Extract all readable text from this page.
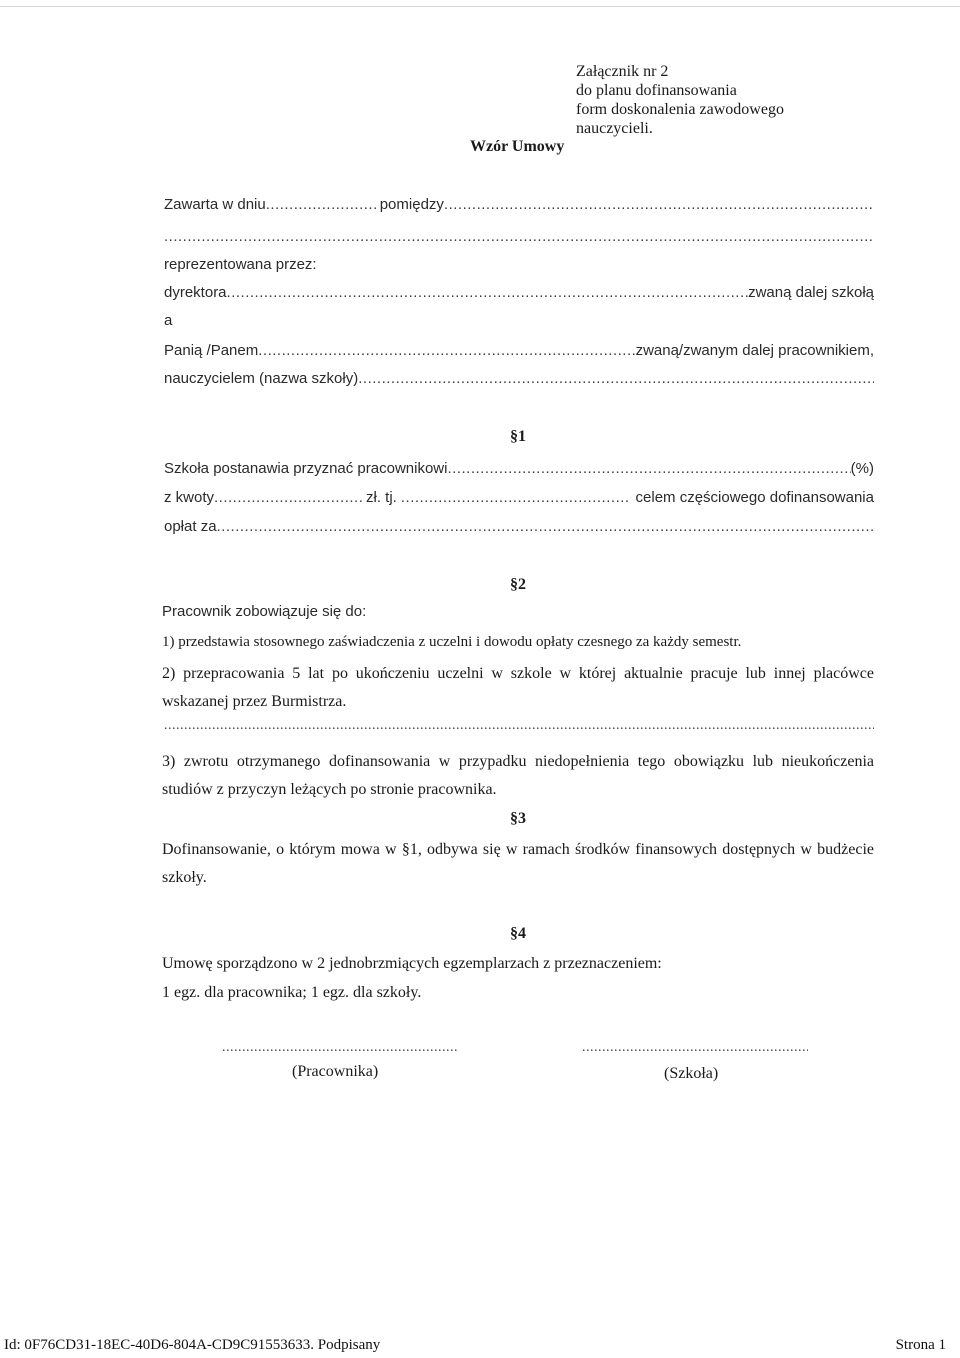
Załącznik nr 2
do planu dofinansowania
form doskonalenia zawodowego
nauczycieli.
Wzór Umowy
Zawarta w dniu .....	pomiędzy
.....
.....
reprezentowana przez:
dyrektora .....	zwaną dalej szkołą
a
Panią /Panem .....	zwaną/zwanym dalej pracownikiem,
nauczycielem (nazwa szkoły)
.....
§1
Szkoła postanawia przyznać pracownikowi .....	(%)
z kwoty .....	zł. tj. .....	celem częściowego dofinansowania
opłat za
.....
§2
Pracownik zobowiązuje się do:
1) przedstawia stosownego zaświadczenia z uczelni i dowodu opłaty czesnego za każdy semestr.
2) przepracowania 5 lat po ukończeniu uczelni w szkole w której aktualnie pracuje lub innej placówce wskazanej przez Burmistrza.
.....
3) zwrotu otrzymanego dofinansowania w przypadku niedopełnienia tego obowiązku lub nieukończenia studiów z przyczyn leżących po stronie pracownika.
§3
Dofinansowanie, o którym mowa w §1, odbywa się w ramach środków finansowych dostępnych w budżecie szkoły.
§4
Umowę sporządzono w 2 jednobrzmiących egzemplarzach z przeznaczeniem:
1 egz. dla pracownika; 1 egz. dla szkoły.
.....
.....
(Pracownika)	(Szkoła)
Id: 0F76CD31-18EC-40D6-804A-CD9C91553633. Podpisany	Strona 1
